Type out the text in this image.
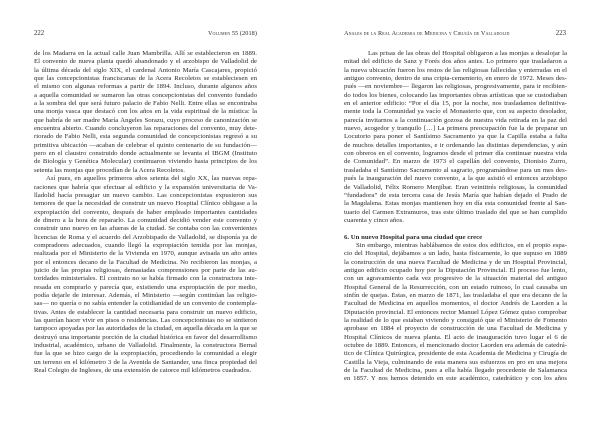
222	Volumen 55 (2018)
de los Madarra en la actual calle Juan Mambrilla. Allí se establecieron en 1889.
El convento de nueva planta quedó abandonado y el arzobispo de Valladolid de
la última década del siglo XIX, el cardenal Antonio María Cascajares, propició
que las concepcionistas franciscanas de la Acera Recoletos se estableciesen en
el mismo con algunas reformas a partir de 1894. Incluso, durante algunos años
a aquella comunidad se sumaron las otras concepcionistas del convento fundado
a la sombra del que será futuro palacio de Fabio Nelli. Entre ellas se encontraba
una monja vasca que destacó con los años en la vida espiritual de la mística: la
que habría de ser madre María Ángeles Sorazu, cuyo proceso de canonización se
encuentra abierto. Cuando concluyeron las reparaciones del convento, muy dete-
riorado de Fabio Nelli, esta segunda comunidad de concepcionistas regresó a su
primitiva ubicación —acaban de celebrar el quinto centenario de su fundación—
pero en el claustro construido donde actualmente se levanta el IBGM (Instituto
de Biología y Genética Molecular) continuaron viviendo hasta principios de los
setenta las monjas que procedían de la Acera Recoletos.
Así pues, en aquellos primeros años setenta del siglo XX, las nuevas repa-
raciones que habría que efectuar al edificio y la expansión universitaria de Va-
lladolid hacía presagiar un nuevo cambio. Las concepcionistas expusieron sus
temores de que la necesidad de construir un nuevo Hospital Clínico obligase a la
expropiación del convento, después de haber empleado importantes cantidades
de dinero a la hora de repararlo. La comunidad decidió vender este convento y
construir uno nuevo en las afueras de la ciudad. Se contaba con las convenientes
licencias de Roma y el acuerdo del Arzobispado de Valladolid, se disponía ya de
compradores adecuados, cuando llegó la expropiación temida por las monjas,
realizada por el Ministerio de la Vivienda en 1970, aunque avisada un año antes
por el entonces decano de la Facultad de Medicina. No recibieron las monjas, a
juicio de las propias religiosas, demasiadas comprensiones por parte de las au-
toridades ministeriales. El contrato no se había firmado con la constructora inte-
resada en comprarlo y parecía que, existiendo una expropiación de por medio,
podía dejarle de interesar. Además, el Ministerio —según continúan las religio-
sas— no quería o no sabía entender la cotidianidad de un convento de contempla-
tivas. Antes de establecer la cantidad necesaria para construir un nuevo edificio,
las querían hacer vivir en pisos o residencias. Las concepcionistas no se sintieron
tampoco apoyadas por las autoridades de la ciudad, en aquella década en la que se
destruyó una importante porción de la ciudad histórica en favor del desarrollismo
industrial, académico, urbano de Valladolid. Finalmente, la constructora Bernal
fue la que se hizo cargo de la expropiación, procediendo la comunidad a elegir
un terreno en el kilómetro 3 de la Avenida de Santander, una finca propiedad del
Real Colegio de Ingleses, de una extensión de catorce mil kilómetros cuadrados.
Anales de la Real Academia de Medicina y Cirugía de Valladolid	223
Las prisas de las obras del Hospital obligaron a las monjas a desalojar la
mitad del edificio de Sanz y Forés dos años antes. Lo primero que trasladaron a
la nueva ubicación fueron los restos de las religiosas fallecidas y enterradas en el
antiguo convento, dentro de una cripta-cementerio, en enero de 1972. Meses des-
pués —en noviembre— llegaron las religiosas, progresivamente, para ir recibien-
do todos los bienes, colocando las importantes obras artísticas que se custodiaban
en el anterior edificio: “Por el día 15, por la noche, nos trasladamos definitiva-
mente toda la Comunidad ya vacío el Monasterio que, con su aspecto desolador,
parecía invitarnos a la continuación gozosa de nuestra vida retirada en la paz del
nuevo, acogedor y tranquilo […] La primera preocupación fue la de preparar un
Locutorio para poner el Santísimo Sacramento ya que la Capilla estaba a falta
de muchos detalles importantes, e ir ordenando las distintas dependencias, y aún
con obreros en el convento, logramos desde el primer día continuar nuestra vida
de Comunidad”. En marzo de 1973 el capellán del convento, Dionisio Zurro,
trasladaba el Santísimo Sacramento al sagrario, programándose para un mes des-
pués la inauguración del nuevo convento, a la que asistió el entonces arzobispo
de Valladolid, Félix Romero Menjíbar. Eran veintitrés religiosas, la comunidad
“fundadora” de esta tercera casa de Jesús María que habían dejado el Prado de
la Magdalena. Estas monjas mantienen hoy en día esta comunidad frente al San-
tuario del Carmen Extramuros, tras este último traslado del que se han cumplido
cuarenta y cinco años.
6. Un nuevo Hospital para una ciudad que crece
Sin embargo, mientras hablábamos de estos dos edificios, en el propio espa-
cio del Hospital, dejábamos a un lado, hasta físicamente, lo que supuso en 1889
la construcción de una nueva Facultad de Medicina y de un Hospital Provincial,
antiguo edificio ocupado hoy por la Diputación Provincial. El proceso fue lento,
con un agravamiento cada vez progresivo de la situación material del antiguo
Hospital General de la Resurrección, con un estado ruinoso, lo cual causaba un
sinfín de quejas. Éstas, en marzo de 1871, las trasladaba el que era decano de la
Facultad de Medicina en aquellos momentos, el doctor Andrés de Laorden a la
Diputación provincial. El entonces rector Manuel López Gómez quiso comprobar
la realidad de lo que estaban viviendo y consiguió que el Ministerio de Fomento
aprobase en 1884 el proyecto de construcción de una Facultad de Medicina y
Hospital Clínicos de nueva planta. El acto de inauguración tuvo lugar el 6 de
octubre de 1889. Entonces, el mencionado doctor Laorden era además de catedrá-
tico de Clínica Quirúrgica, presidente de esta Academia de Medicina y Cirugía de
Castilla la Vieja, culminando de esta manera sus esfuerzos en pro en una mejora
de la Facultad de Medicina, pues a ella había llegado procedente de Salamanca
en 1857. Y nos hemos detenido en este académico, catedrático y con los años
